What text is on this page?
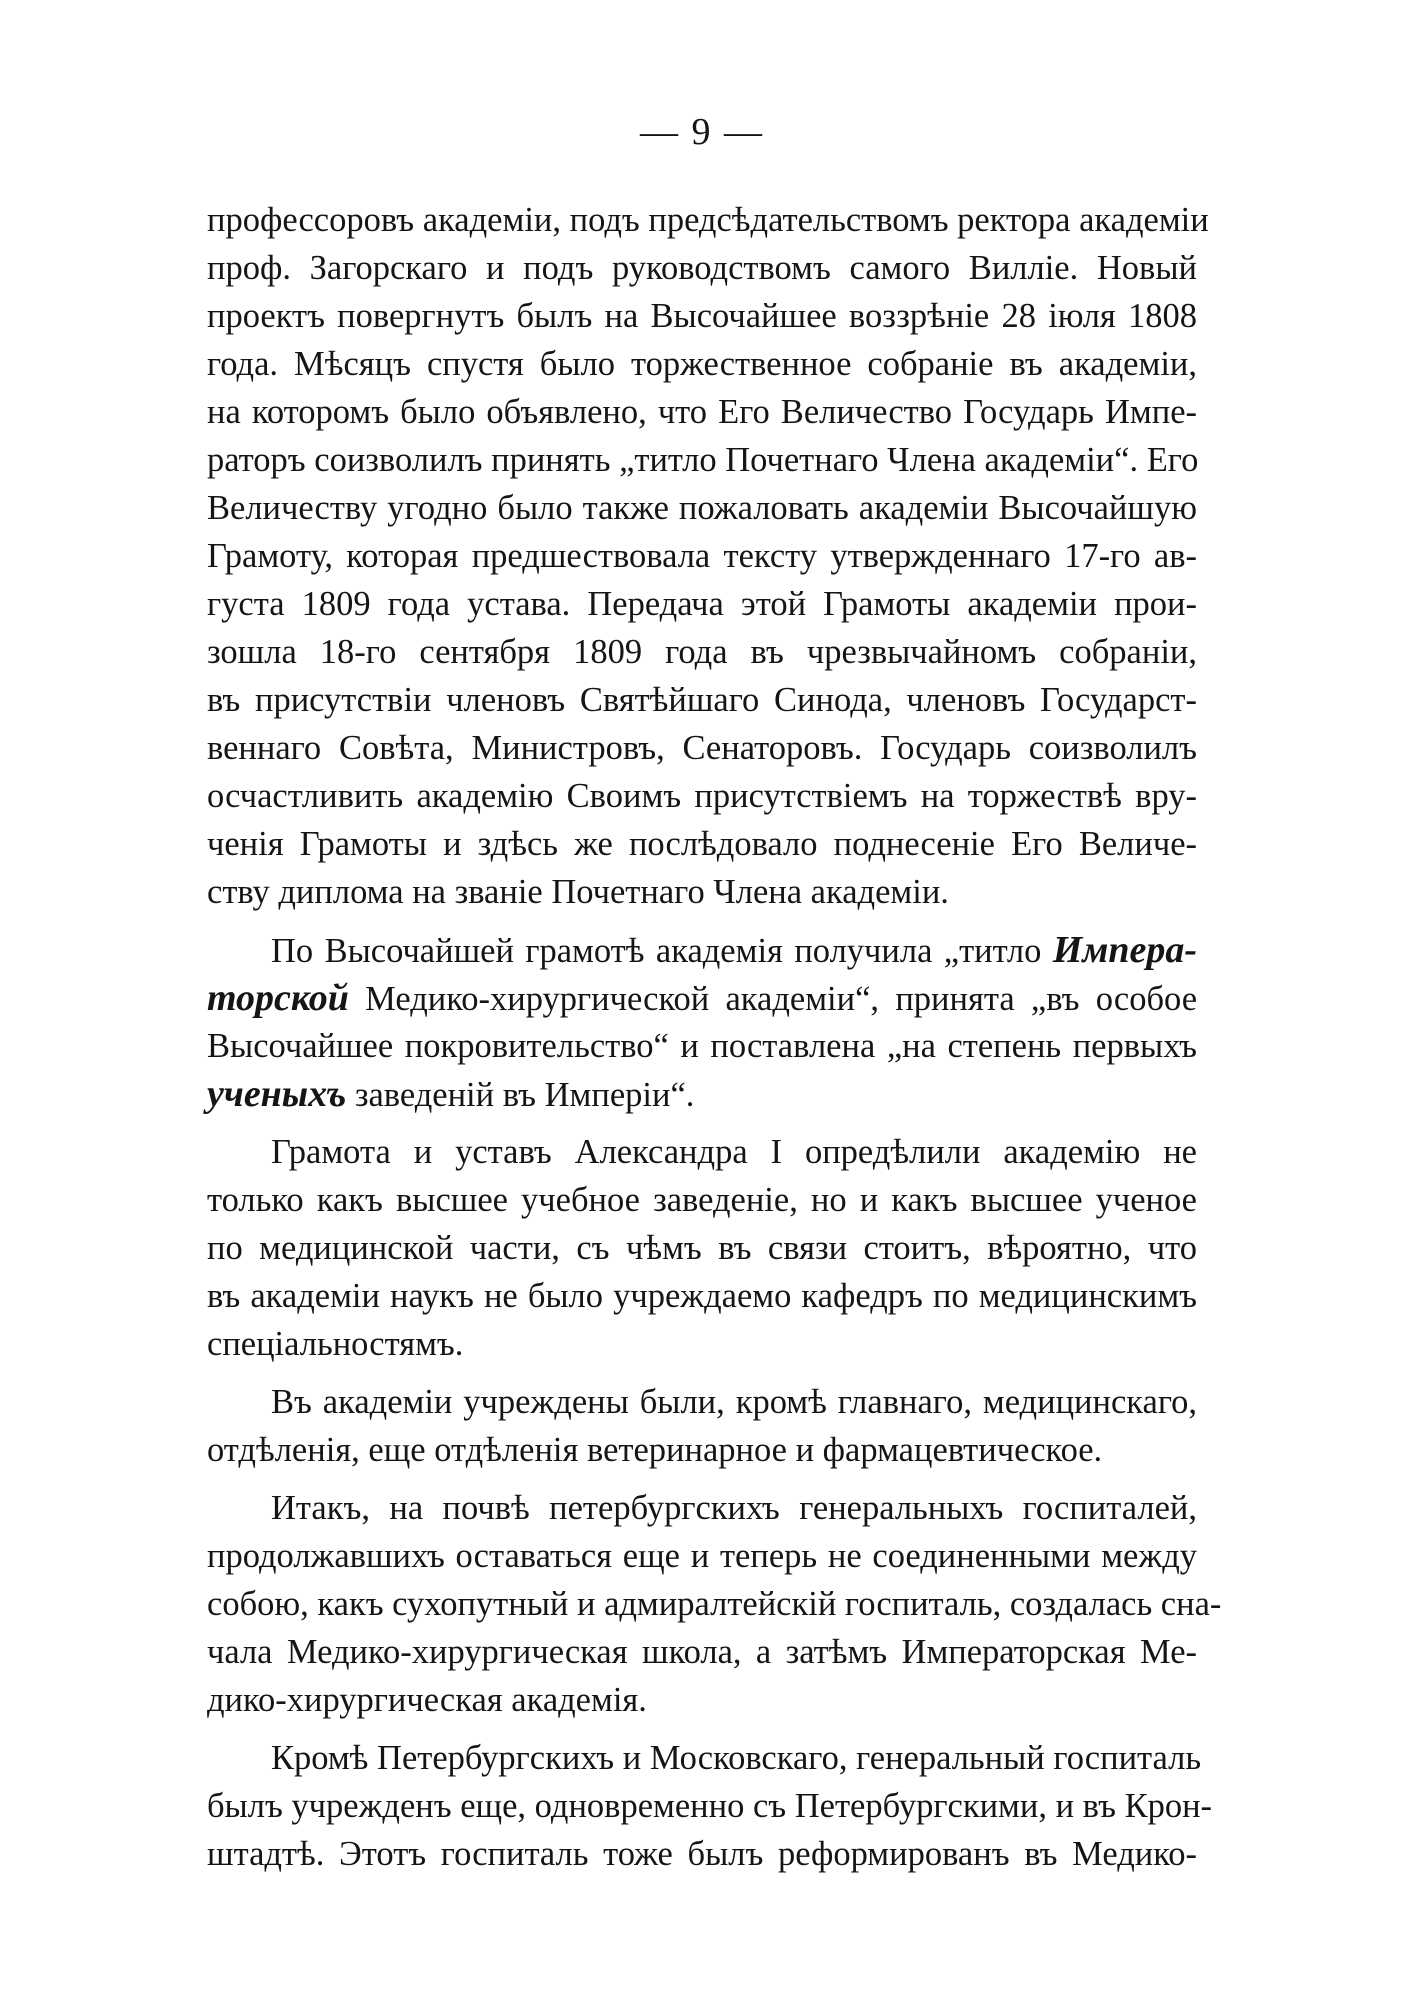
— 9 —
профессоровъ академіи, подъ предсѣдательствомъ ректора академіи
проф. Загорскаго и подъ руководствомъ самого Вилліе. Новый
проектъ повергнутъ былъ на Высочайшее воззрѣніе 28 іюля 1808
года. Мѣсяцъ спустя было торжественное собраніе въ академіи,
на которомъ было объявлено, что Его Величество Государь Импе-
раторъ соизволилъ принять „титло Почетнаго Члена академіи“. Его
Величеству угодно было также пожаловать академіи Высочайшую
Грамоту, которая предшествовала тексту утвержденнаго 17-го ав-
густа 1809 года устава. Передача этой Грамоты академіи прои-
зошла 18-го сентября 1809 года въ чрезвычайномъ собраніи,
въ присутствіи членовъ Святѣйшаго Синода, членовъ Государст-
веннаго Совѣта, Министровъ, Сенаторовъ. Государь соизволилъ
осчастливить академію Своимъ присутствіемъ на торжествѣ вру-
ченія Грамоты и здѣсь же послѣдовало поднесеніе Его Величе-
ству диплома на званіе Почетнаго Члена академіи.
По Высочайшей грамотѣ академія получила „титло Импера-
торской Медико-хирургической академіи“, принята „въ особое
Высочайшее покровительство“ и поставлена „на степень первыхъ
ученыхъ заведеній въ Имперіи“.
Грамота и уставъ Александра I опредѣлили академію не
только какъ высшее учебное заведеніе, но и какъ высшее ученое
по медицинской части, съ чѣмъ въ связи стоитъ, вѣроятно, что
въ академіи наукъ не было учреждаемо кафедръ по медицинскимъ
спеціальностямъ.
Въ академіи учреждены были, кромѣ главнаго, медицинскаго,
отдѣленія, еще отдѣленія ветеринарное и фармацевтическое.
Итакъ, на почвѣ петербургскихъ генеральныхъ госпиталей,
продолжавшихъ оставаться еще и теперь не соединенными между
собою, какъ сухопутный и адмиралтейскій госпиталь, создалась сна-
чала Медико-хирургическая школа, а затѣмъ Императорская Ме-
дико-хирургическая академія.
Кромѣ Петербургскихъ и Московскаго, генеральный госпиталь
былъ учрежденъ еще, одновременно съ Петербургскими, и въ Крон-
штадтѣ. Этотъ госпиталь тоже былъ реформированъ въ Медико-
